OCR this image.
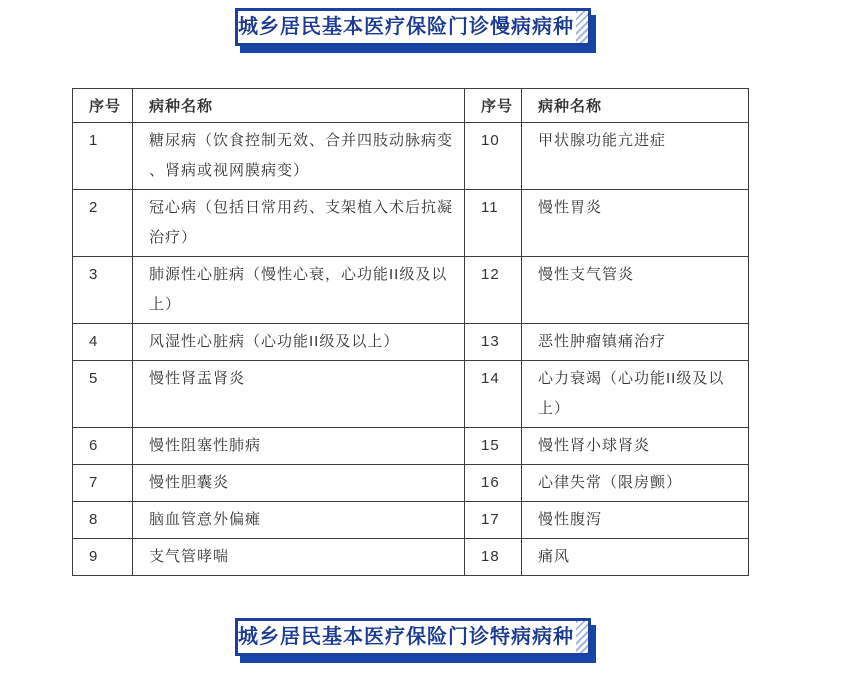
城乡居民基本医疗保险门诊慢病病种
序号	病种名称	序号	病种名称
1	糖尿病（饮食控制无效、合并四肢动脉病变、肾病或视网膜病变）	10	甲状腺功能亢进症
2	冠心病（包括日常用药、支架植入术后抗凝治疗）	11	慢性胃炎
3	肺源性心脏病（慢性心衰，心功能II级及以上）	12	慢性支气管炎
4	风湿性心脏病（心功能II级及以上）	13	恶性肿瘤镇痛治疗
5	慢性肾盂肾炎	14	心力衰竭（心功能II级及以上）
6	慢性阻塞性肺病	15	慢性肾小球肾炎
7	慢性胆囊炎	16	心律失常（限房颤）
8	脑血管意外偏瘫	17	慢性腹泻
9	支气管哮喘	18	痛风
城乡居民基本医疗保险门诊特病病种
